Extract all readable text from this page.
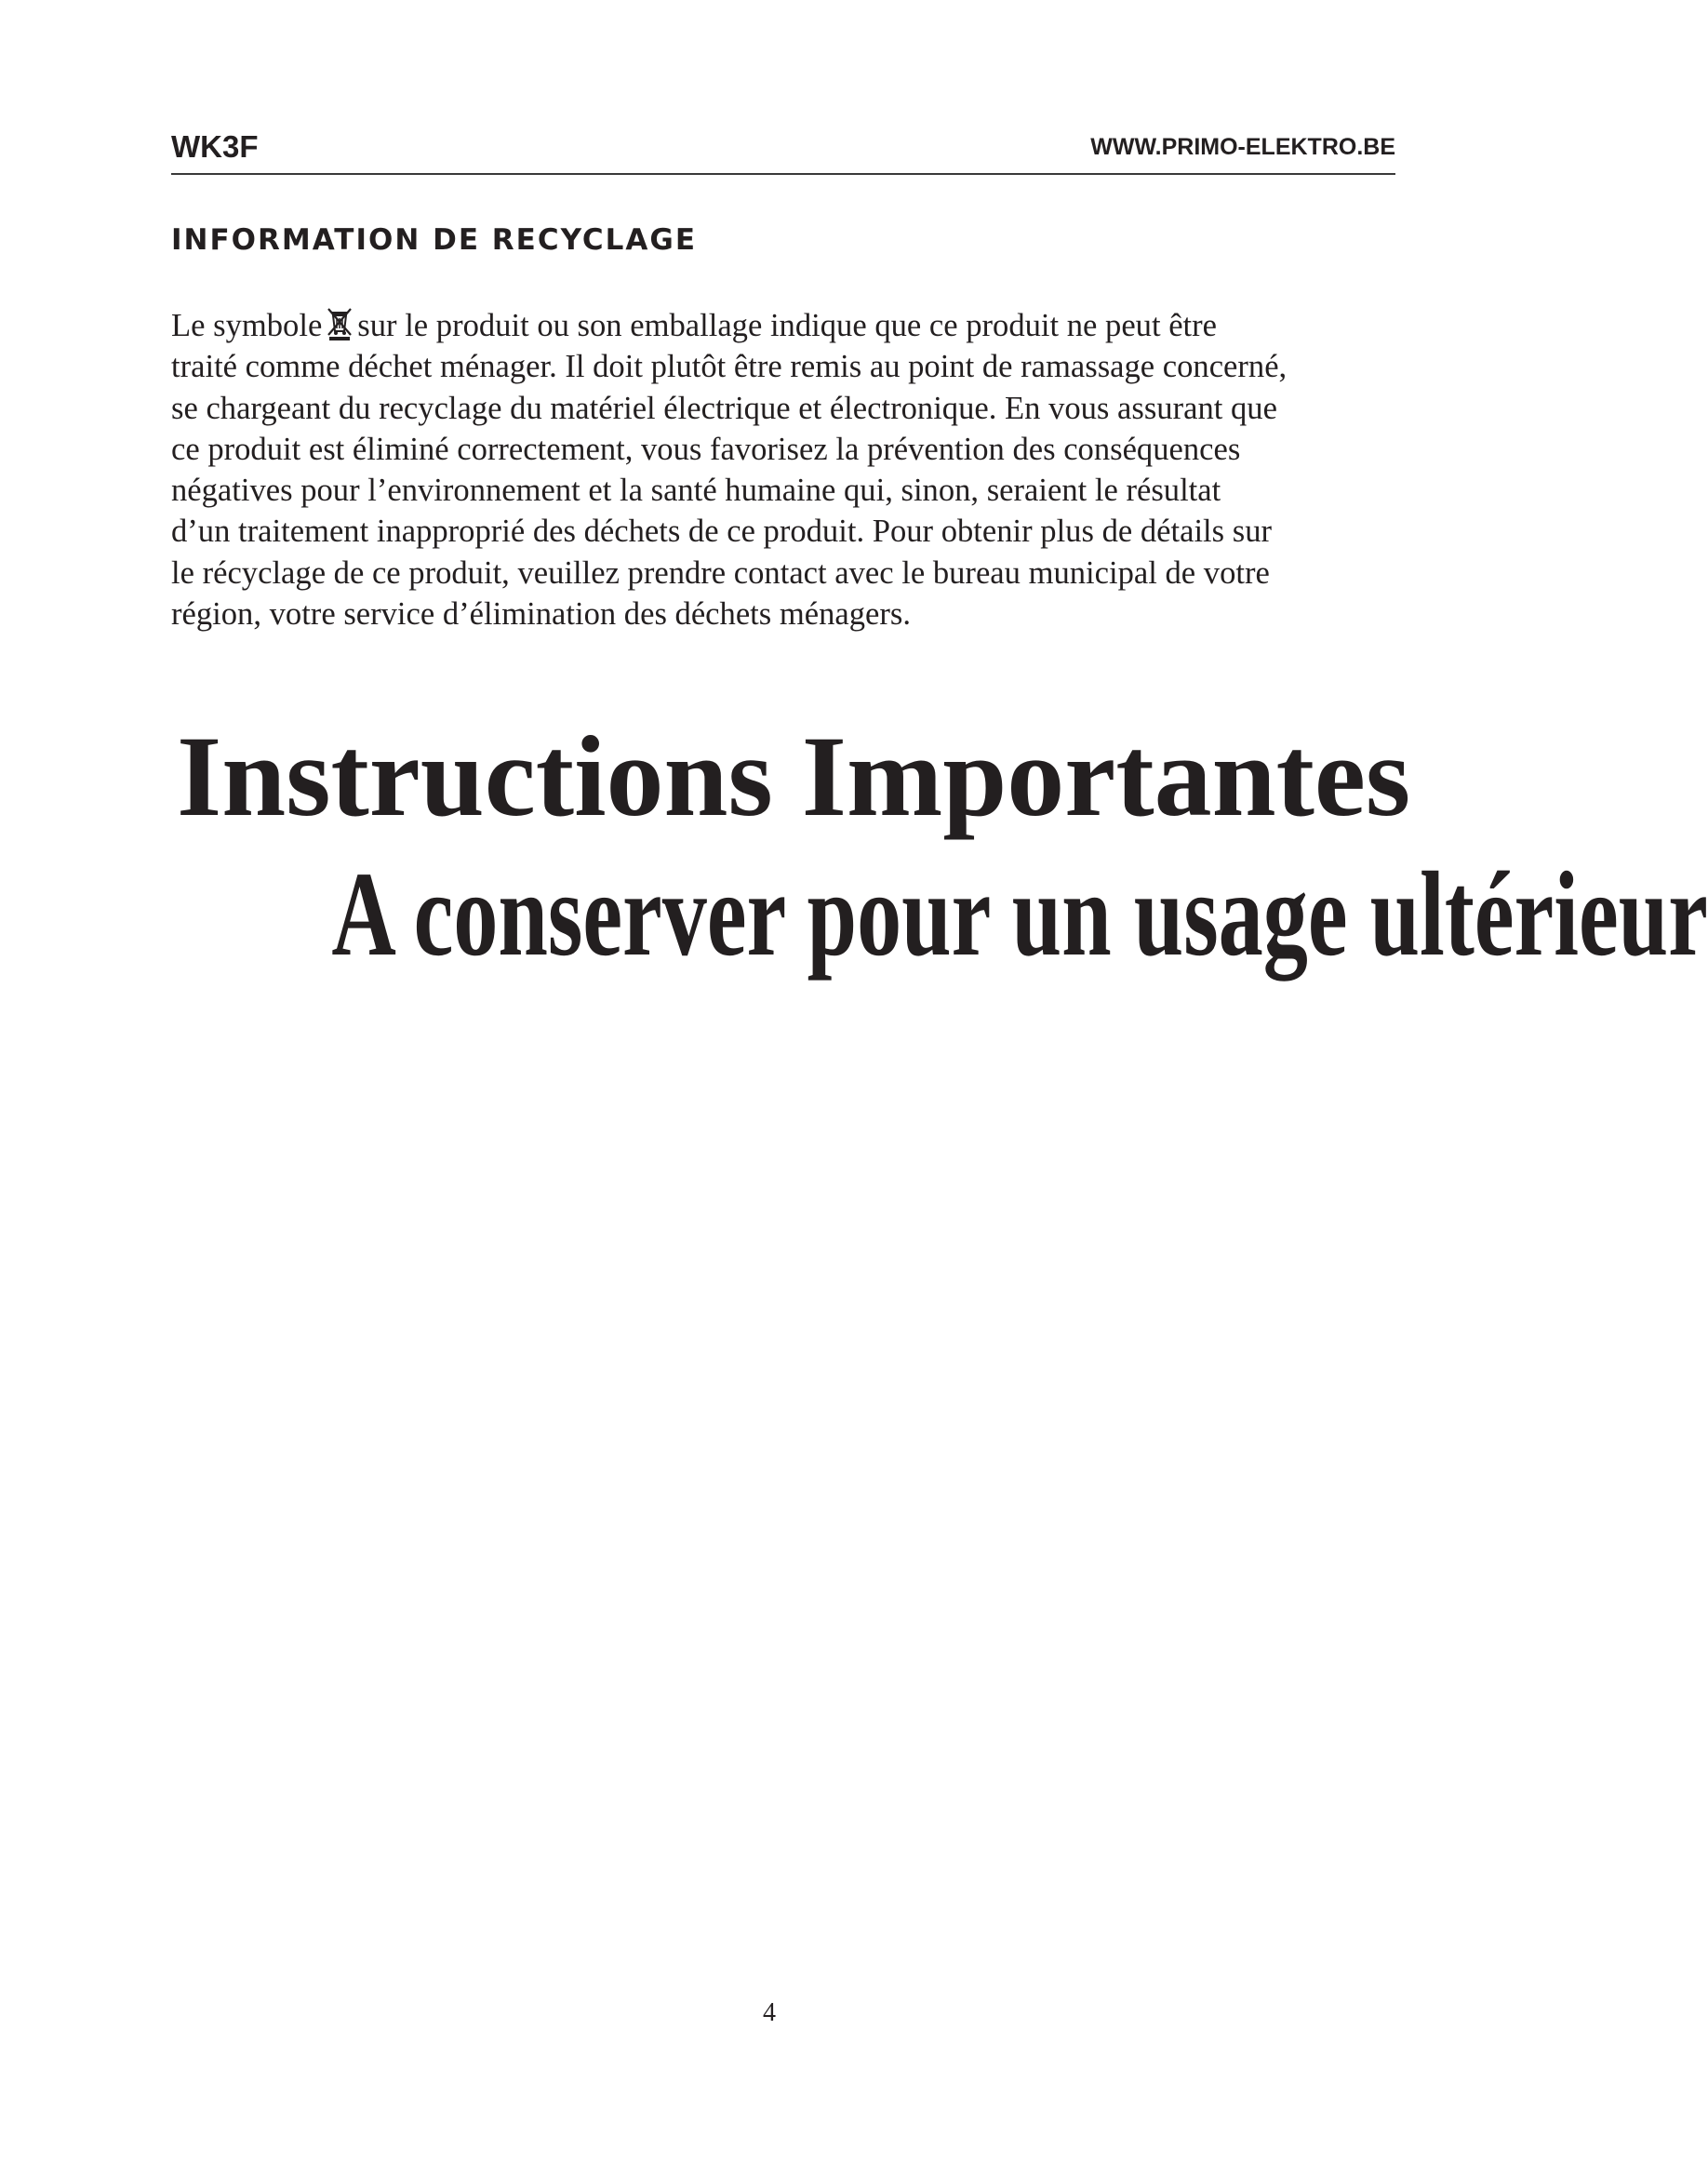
WK3F	WWW.PRIMO-ELEKTRO.BE
INFORMATION DE RECYCLAGE
Le symbole sur le produit ou son emballage indique que ce produit ne peut être
traité comme déchet ménager. Il doit plutôt être remis au point de ramassage concerné,
se chargeant du recyclage du matériel électrique et électronique. En vous assurant que
ce produit est éliminé correctement, vous favorisez la prévention des conséquences
négatives pour l’environnement et la santé humaine qui, sinon, seraient le résultat
d’un traitement inapproprié des déchets de ce produit. Pour obtenir plus de détails sur
le récyclage de ce produit, veuillez prendre contact avec le bureau municipal de votre
région, votre service d’élimination des déchets ménagers.
Instructions Importantes
A conserver pour un usage ultérieur
4
